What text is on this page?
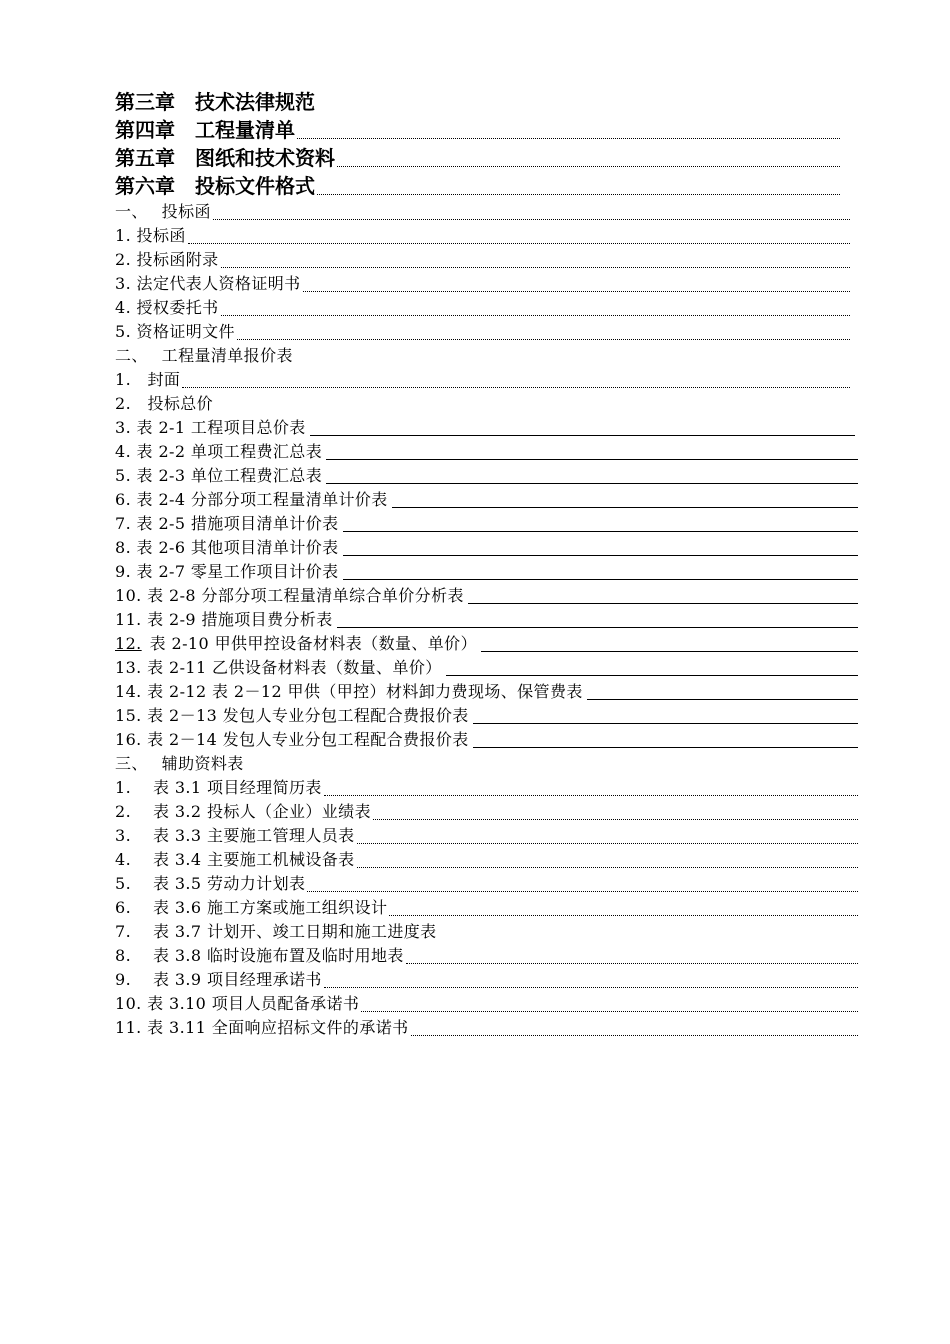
第三章　技术法律规范
第四章　工程量清单
第五章　图纸和技术资料
第六章　投标文件格式
一、　 投标函
1. 投标函
2. 投标函附录
3. 法定代表人资格证明书
4. 授权委托书
5. 资格证明文件
二、　 工程量清单报价表
1.　封面
2.　投标总价
3. 表 2-1 工程项目总价表
4. 表 2-2 单项工程费汇总表
5. 表 2-3 单位工程费汇总表
6. 表 2-4 分部分项工程量清单计价表
7. 表 2-5 措施项目清单计价表
8. 表 2-6 其他项目清单计价表
9. 表 2-7 零星工作项目计价表
10. 表 2-8 分部分项工程量清单综合单价分析表
11. 表 2-9 措施项目费分析表
12. 表 2-10 甲供甲控设备材料表（数量、单价）
13. 表 2-11 乙供设备材料表（数量、单价）
14. 表 2-12 表 2－12 甲供（甲控）材料卸力费现场、保管费表
15. 表 2－13 发包人专业分包工程配合费报价表
16. 表 2－14 发包人专业分包工程配合费报价表
三、　 辅助资料表
1.　 表 3.1 项目经理简历表
2.　 表 3.2 投标人（企业）业绩表
3.　 表 3.3 主要施工管理人员表
4.　 表 3.4 主要施工机械设备表
5.　 表 3.5 劳动力计划表
6.　 表 3.6 施工方案或施工组织设计
7.　 表 3.7 计划开、竣工日期和施工进度表
8.　 表 3.8 临时设施布置及临时用地表
9.　 表 3.9 项目经理承诺书
10. 表 3.10 项目人员配备承诺书
11. 表 3.11 全面响应招标文件的承诺书
